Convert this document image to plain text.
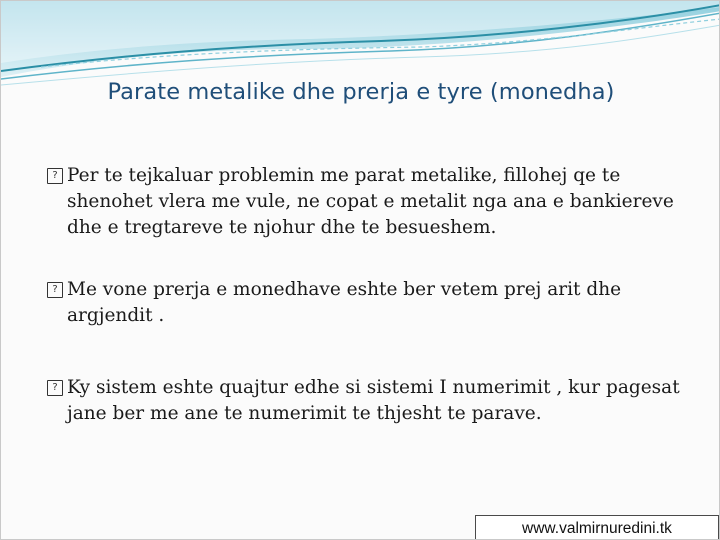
Parate metalike dhe prerja e tyre (monedha)
? Per te tejkaluar problemin me parat metalike, fillohej qe te shenohet vlera me vule, ne copat e metalit nga ana e bankiereve dhe e tregtareve te njohur dhe te besueshem.
? Me vone prerja e monedhave eshte ber vetem prej arit dhe argjendit .
? Ky sistem eshte quajtur edhe si sistemi I numerimit , kur pagesat jane ber me ane te numerimit te thjesht te parave.
www.valmirnuredini.tk
